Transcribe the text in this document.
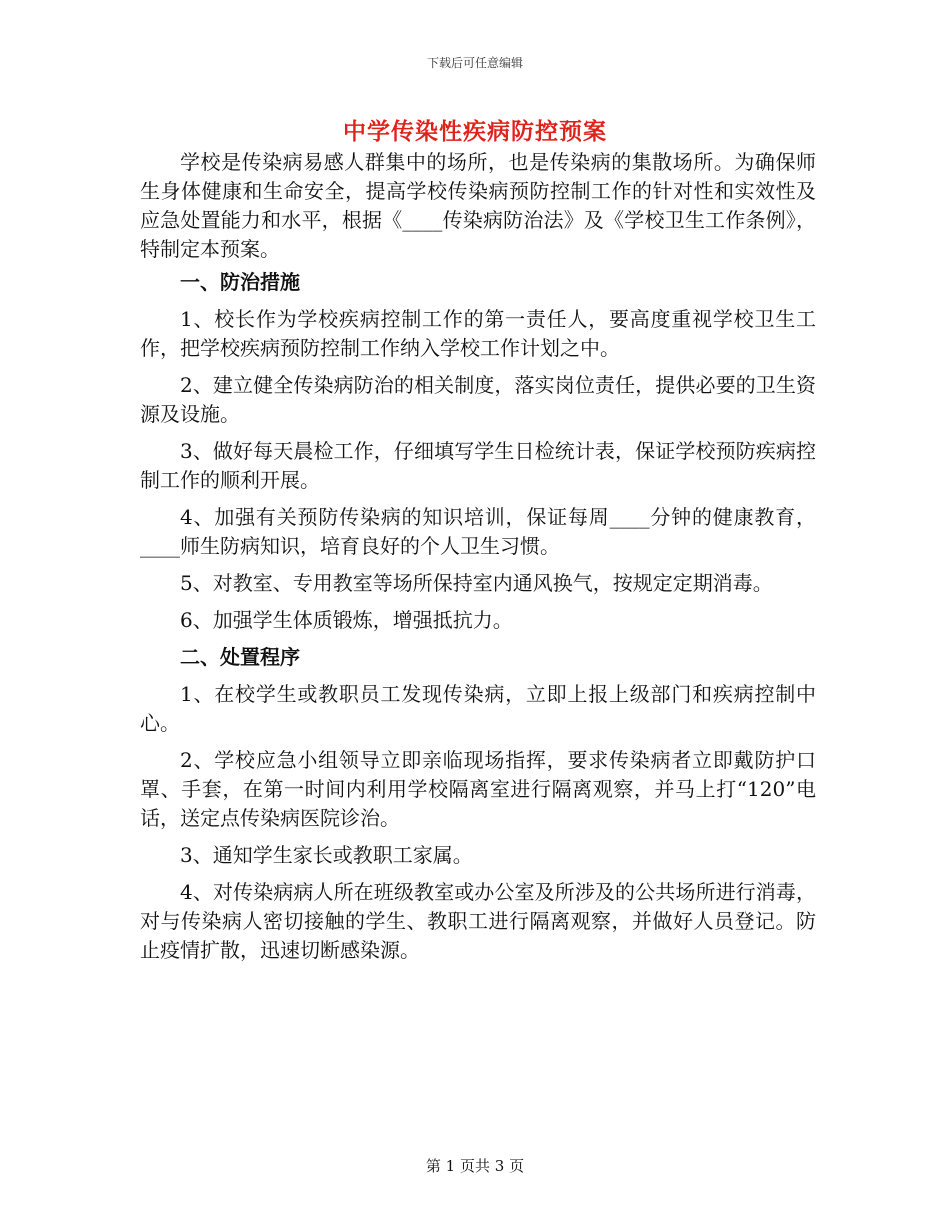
下载后可任意编辑
中学传染性疾病防控预案

学校是传染病易感人群集中的场所，也是传染病的集散场所。为确保师生身体健康和生命安全，提高学校传染病预防控制工作的针对性和实效性及应急处置能力和水平，根据《____传染病防治法》及《学校卫生工作条例》，特制定本预案。

一、防治措施

1、校长作为学校疾病控制工作的第一责任人，要高度重视学校卫生工作，把学校疾病预防控制工作纳入学校工作计划之中。

2、建立健全传染病防治的相关制度，落实岗位责任，提供必要的卫生资源及设施。

3、做好每天晨检工作，仔细填写学生日检统计表，保证学校预防疾病控制工作的顺利开展。

4、加强有关预防传染病的知识培训，保证每周____分钟的健康教育，____师生防病知识，培育良好的个人卫生习惯。

5、对教室、专用教室等场所保持室内通风换气，按规定定期消毒。

6、加强学生体质锻炼，增强抵抗力。

二、处置程序

1、在校学生或教职员工发现传染病，立即上报上级部门和疾病控制中心。

2、学校应急小组领导立即亲临现场指挥，要求传染病者立即戴防护口罩、手套，在第一时间内利用学校隔离室进行隔离观察，并马上打“120”电话，送定点传染病医院诊治。

3、通知学生家长或教职工家属。

4、对传染病病人所在班级教室或办公室及所涉及的公共场所进行消毒，对与传染病人密切接触的学生、教职工进行隔离观察，并做好人员登记。防止疫情扩散，迅速切断感染源。

第 1 页共 3 页
